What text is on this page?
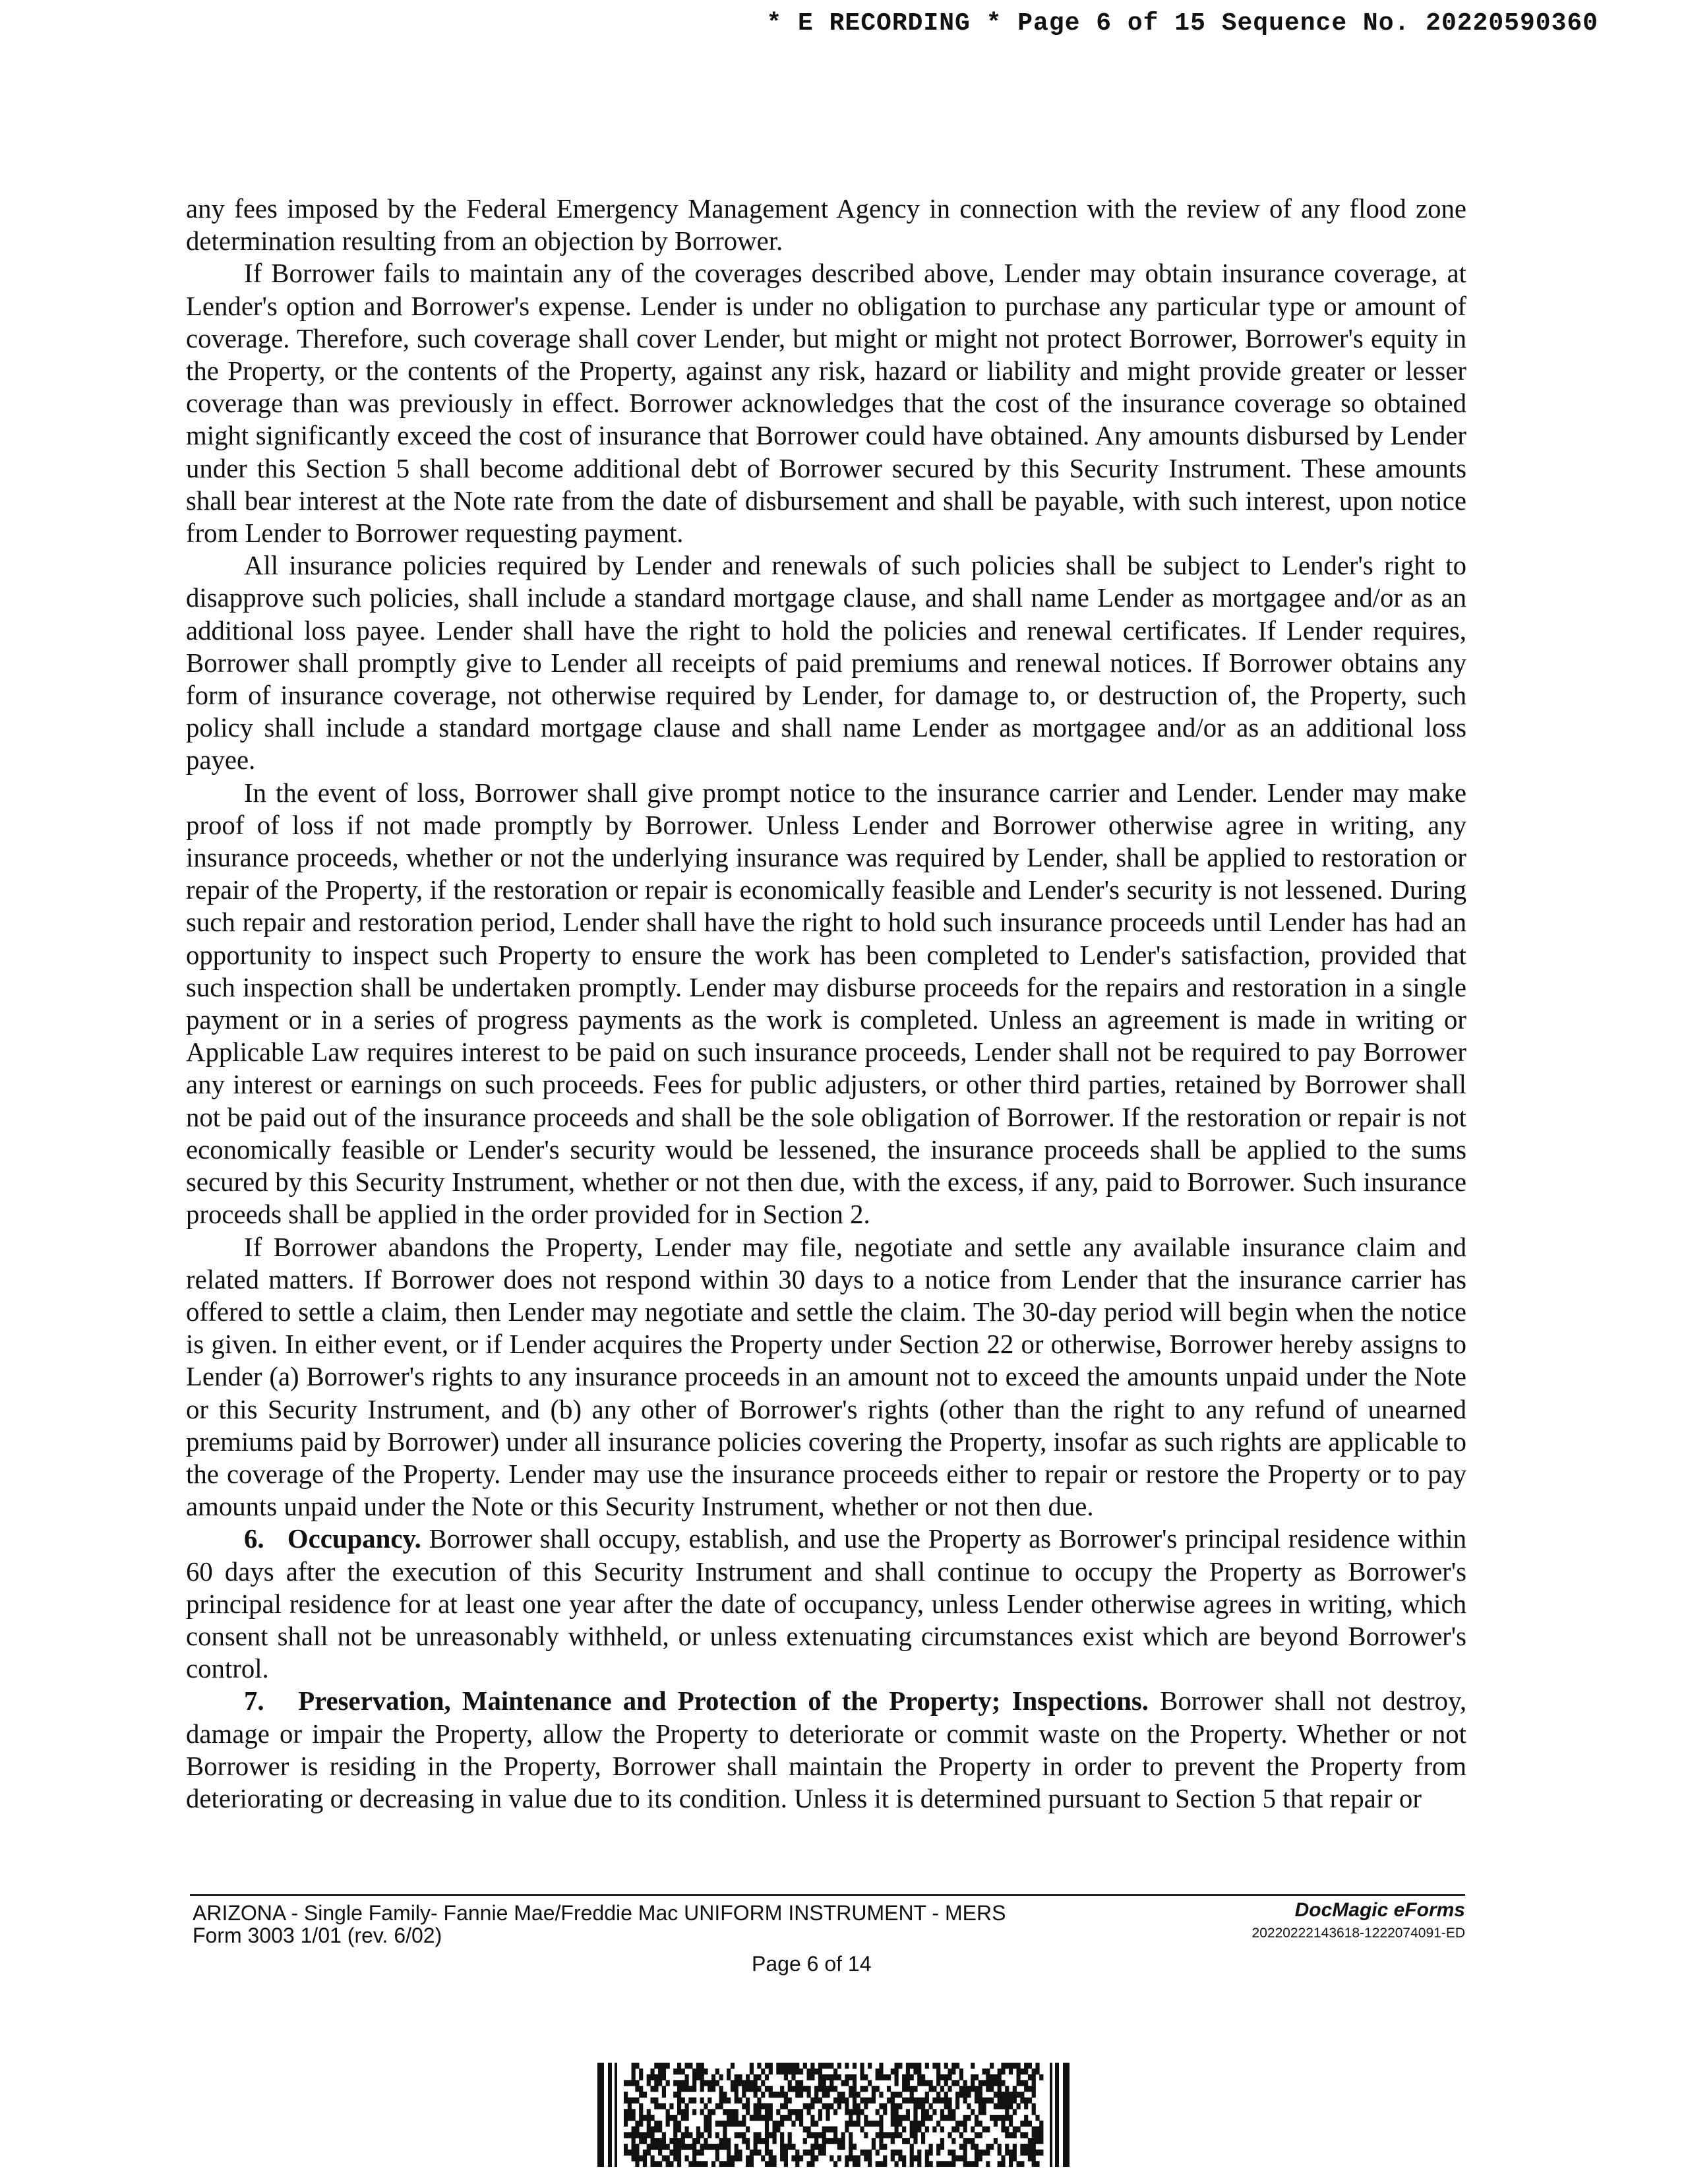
* E RECORDING * Page 6 of 15 Sequence No. 20220590360

any fees imposed by the Federal Emergency Management Agency in connection with the review of any flood zone determination resulting from an objection by Borrower.

If Borrower fails to maintain any of the coverages described above, Lender may obtain insurance coverage, at Lender's option and Borrower's expense. Lender is under no obligation to purchase any particular type or amount of coverage. Therefore, such coverage shall cover Lender, but might or might not protect Borrower, Borrower's equity in the Property, or the contents of the Property, against any risk, hazard or liability and might provide greater or lesser coverage than was previously in effect. Borrower acknowledges that the cost of the insurance coverage so obtained might significantly exceed the cost of insurance that Borrower could have obtained. Any amounts disbursed by Lender under this Section 5 shall become additional debt of Borrower secured by this Security Instrument. These amounts shall bear interest at the Note rate from the date of disbursement and shall be payable, with such interest, upon notice from Lender to Borrower requesting payment.

All insurance policies required by Lender and renewals of such policies shall be subject to Lender's right to disapprove such policies, shall include a standard mortgage clause, and shall name Lender as mortgagee and/or as an additional loss payee. Lender shall have the right to hold the policies and renewal certificates. If Lender requires, Borrower shall promptly give to Lender all receipts of paid premiums and renewal notices. If Borrower obtains any form of insurance coverage, not otherwise required by Lender, for damage to, or destruction of, the Property, such policy shall include a standard mortgage clause and shall name Lender as mortgagee and/or as an additional loss payee.

In the event of loss, Borrower shall give prompt notice to the insurance carrier and Lender. Lender may make proof of loss if not made promptly by Borrower. Unless Lender and Borrower otherwise agree in writing, any insurance proceeds, whether or not the underlying insurance was required by Lender, shall be applied to restoration or repair of the Property, if the restoration or repair is economically feasible and Lender's security is not lessened. During such repair and restoration period, Lender shall have the right to hold such insurance proceeds until Lender has had an opportunity to inspect such Property to ensure the work has been completed to Lender's satisfaction, provided that such inspection shall be undertaken promptly. Lender may disburse proceeds for the repairs and restoration in a single payment or in a series of progress payments as the work is completed. Unless an agreement is made in writing or Applicable Law requires interest to be paid on such insurance proceeds, Lender shall not be required to pay Borrower any interest or earnings on such proceeds. Fees for public adjusters, or other third parties, retained by Borrower shall not be paid out of the insurance proceeds and shall be the sole obligation of Borrower. If the restoration or repair is not economically feasible or Lender's security would be lessened, the insurance proceeds shall be applied to the sums secured by this Security Instrument, whether or not then due, with the excess, if any, paid to Borrower. Such insurance proceeds shall be applied in the order provided for in Section 2.

If Borrower abandons the Property, Lender may file, negotiate and settle any available insurance claim and related matters. If Borrower does not respond within 30 days to a notice from Lender that the insurance carrier has offered to settle a claim, then Lender may negotiate and settle the claim. The 30-day period will begin when the notice is given. In either event, or if Lender acquires the Property under Section 22 or otherwise, Borrower hereby assigns to Lender (a) Borrower's rights to any insurance proceeds in an amount not to exceed the amounts unpaid under the Note or this Security Instrument, and (b) any other of Borrower's rights (other than the right to any refund of unearned premiums paid by Borrower) under all insurance policies covering the Property, insofar as such rights are applicable to the coverage of the Property. Lender may use the insurance proceeds either to repair or restore the Property or to pay amounts unpaid under the Note or this Security Instrument, whether or not then due.

6. Occupancy. Borrower shall occupy, establish, and use the Property as Borrower's principal residence within 60 days after the execution of this Security Instrument and shall continue to occupy the Property as Borrower's principal residence for at least one year after the date of occupancy, unless Lender otherwise agrees in writing, which consent shall not be unreasonably withheld, or unless extenuating circumstances exist which are beyond Borrower's control.

7. Preservation, Maintenance and Protection of the Property; Inspections. Borrower shall not destroy, damage or impair the Property, allow the Property to deteriorate or commit waste on the Property. Whether or not Borrower is residing in the Property, Borrower shall maintain the Property in order to prevent the Property from deteriorating or decreasing in value due to its condition. Unless it is determined pursuant to Section 5 that repair or

ARIZONA - Single Family- Fannie Mae/Freddie Mac UNIFORM INSTRUMENT - MERS
Form 3003 1/01 (rev. 6/02)
DocMagic eForms
20220222143618-1222074091-ED
Page 6 of 14
